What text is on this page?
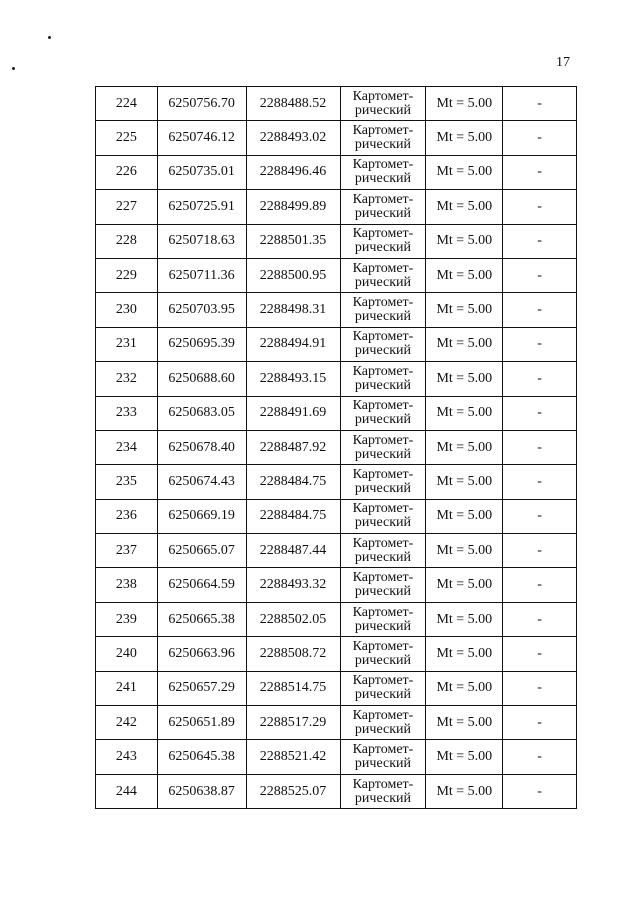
17
224	6250756.70	2288488.52	Картомет-
рический	Mt = 5.00	-
225	6250746.12	2288493.02	Картомет-
рический	Mt = 5.00	-
226	6250735.01	2288496.46	Картомет-
рический	Mt = 5.00	-
227	6250725.91	2288499.89	Картомет-
рический	Mt = 5.00	-
228	6250718.63	2288501.35	Картомет-
рический	Mt = 5.00	-
229	6250711.36	2288500.95	Картомет-
рический	Mt = 5.00	-
230	6250703.95	2288498.31	Картомет-
рический	Mt = 5.00	-
231	6250695.39	2288494.91	Картомет-
рический	Mt = 5.00	-
232	6250688.60	2288493.15	Картомет-
рический	Mt = 5.00	-
233	6250683.05	2288491.69	Картомет-
рический	Mt = 5.00	-
234	6250678.40	2288487.92	Картомет-
рический	Mt = 5.00	-
235	6250674.43	2288484.75	Картомет-
рический	Mt = 5.00	-
236	6250669.19	2288484.75	Картомет-
рический	Mt = 5.00	-
237	6250665.07	2288487.44	Картомет-
рический	Mt = 5.00	-
238	6250664.59	2288493.32	Картомет-
рический	Mt = 5.00	-
239	6250665.38	2288502.05	Картомет-
рический	Mt = 5.00	-
240	6250663.96	2288508.72	Картомет-
рический	Mt = 5.00	-
241	6250657.29	2288514.75	Картомет-
рический	Mt = 5.00	-
242	6250651.89	2288517.29	Картомет-
рический	Mt = 5.00	-
243	6250645.38	2288521.42	Картомет-
рический	Mt = 5.00	-
244	6250638.87	2288525.07	Картомет-
рический	Mt = 5.00	-
